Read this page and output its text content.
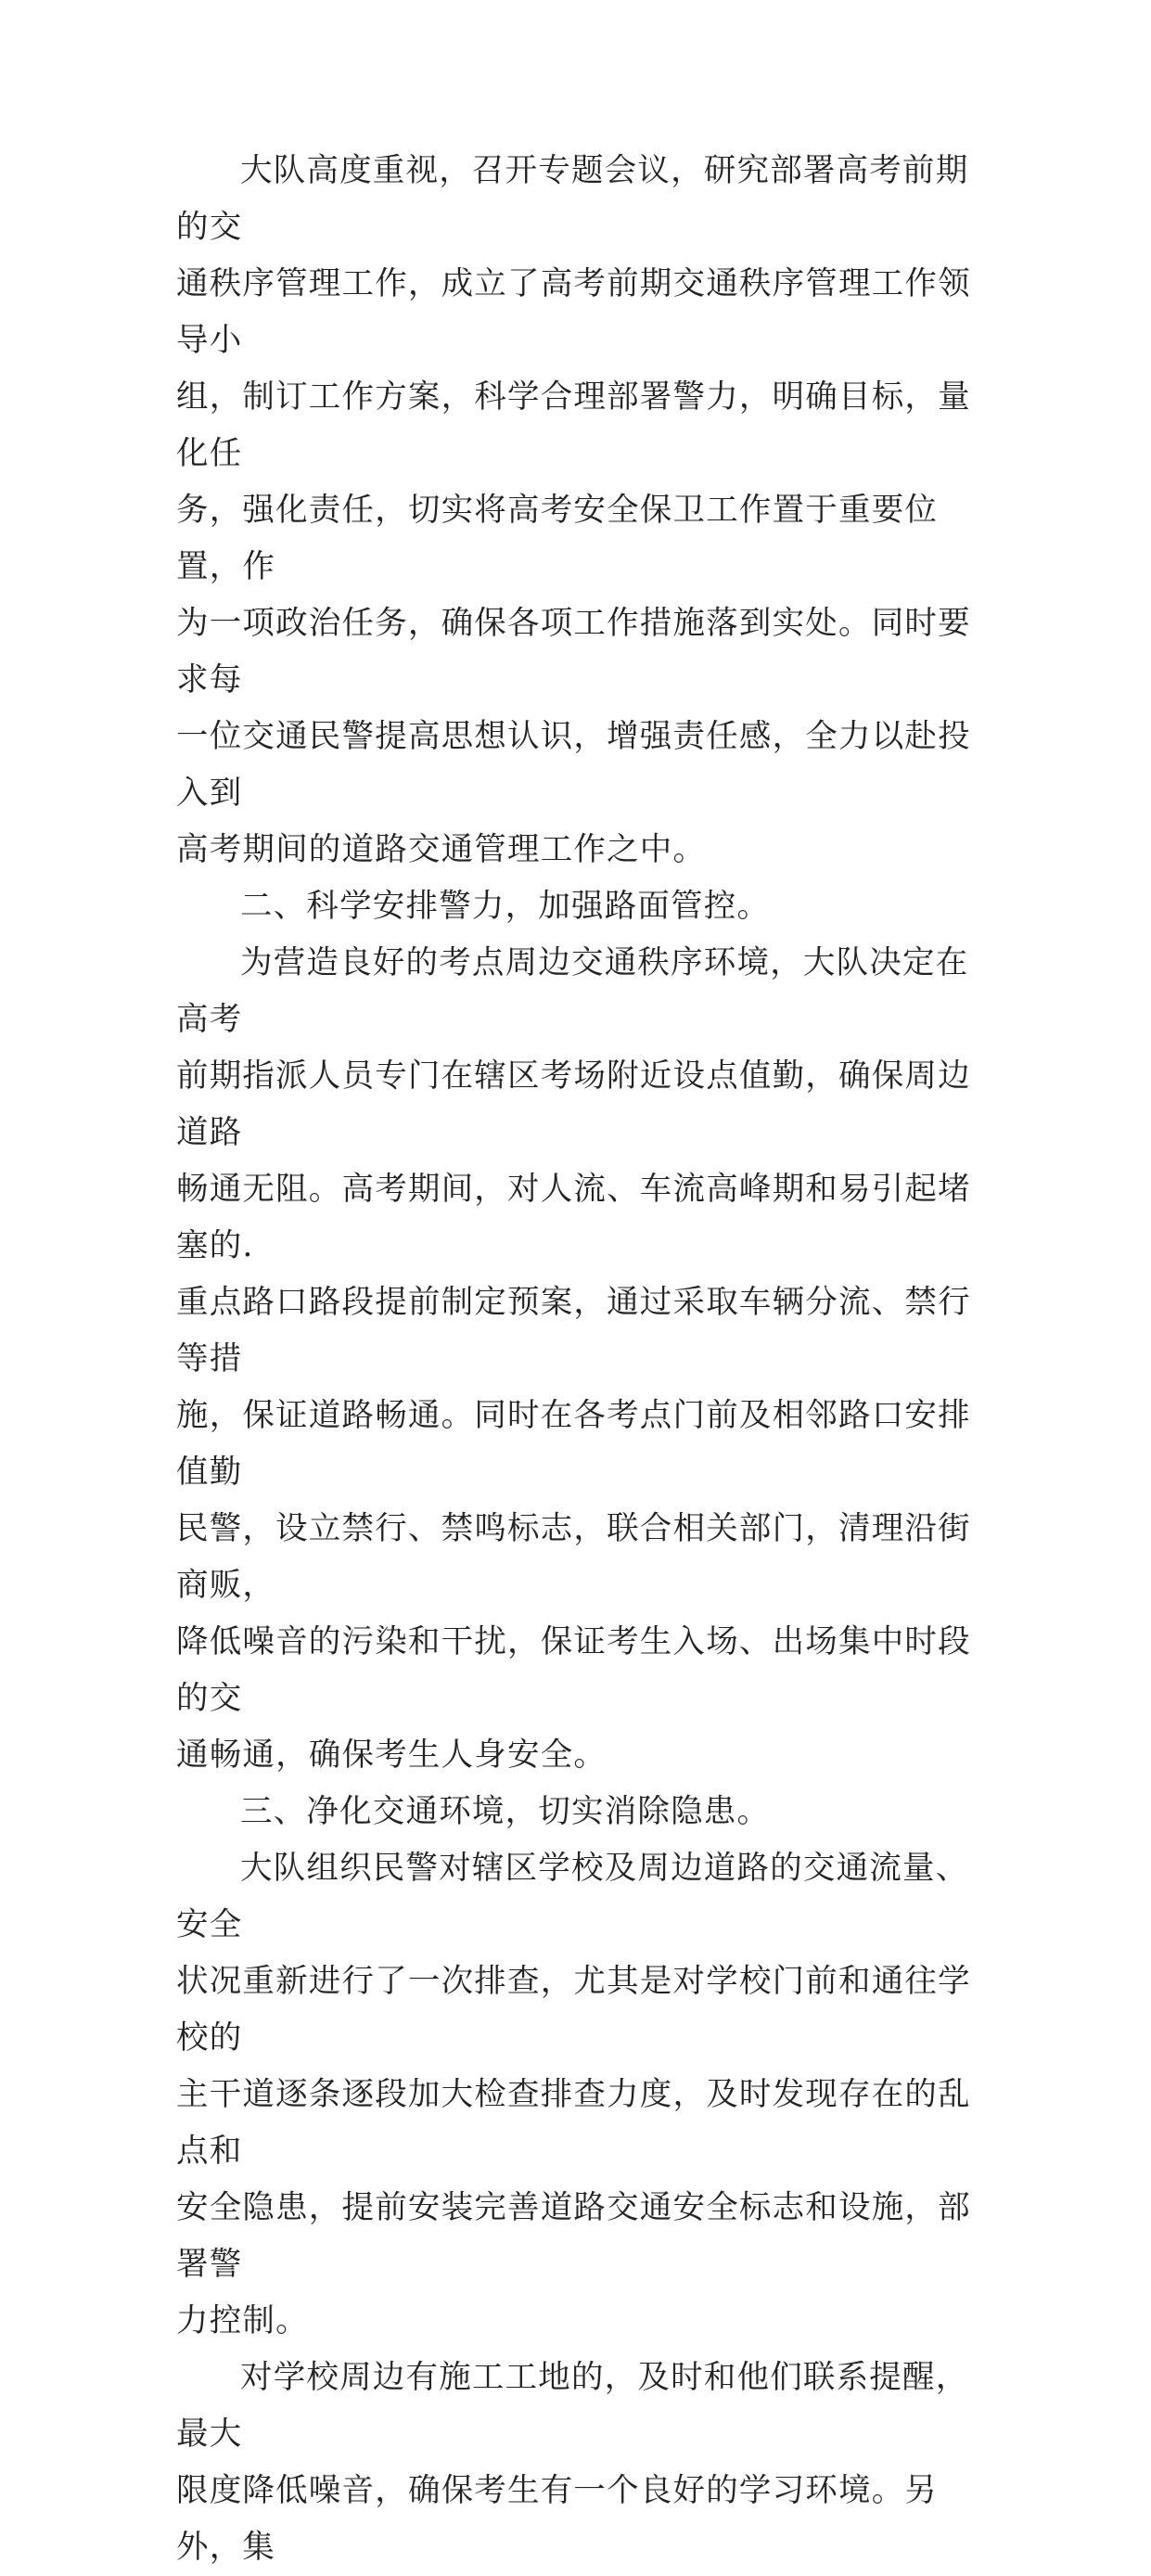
大队高度重视，召开专题会议，研究部署高考前期的交
通秩序管理工作，成立了高考前期交通秩序管理工作领导小
组，制订工作方案，科学合理部署警力，明确目标，量化任
务，强化责任，切实将高考安全保卫工作置于重要位置，作
为一项政治任务，确保各项工作措施落到实处。同时要求每
一位交通民警提高思想认识，增强责任感，全力以赴投入到
高考期间的道路交通管理工作之中。

二、科学安排警力，加强路面管控。

为营造良好的考点周边交通秩序环境，大队决定在高考
前期指派人员专门在辖区考场附近设点值勤，确保周边道路
畅通无阻。高考期间，对人流、车流高峰期和易引起堵塞的.
重点路口路段提前制定预案，通过采取车辆分流、禁行等措
施，保证道路畅通。同时在各考点门前及相邻路口安排值勤
民警，设立禁行、禁鸣标志，联合相关部门，清理沿街商贩，
降低噪音的污染和干扰，保证考生入场、出场集中时段的交
通畅通，确保考生人身安全。

三、净化交通环境，切实消除隐患。

大队组织民警对辖区学校及周边道路的交通流量、安全
状况重新进行了一次排查，尤其是对学校门前和通往学校的
主干道逐条逐段加大检查排查力度，及时发现存在的乱点和
安全隐患，提前安装完善道路交通安全标志和设施，部署警
力控制。

对学校周边有施工工地的，及时和他们联系提醒，最大
限度降低噪音，确保考生有一个良好的学习环境。另外，集
